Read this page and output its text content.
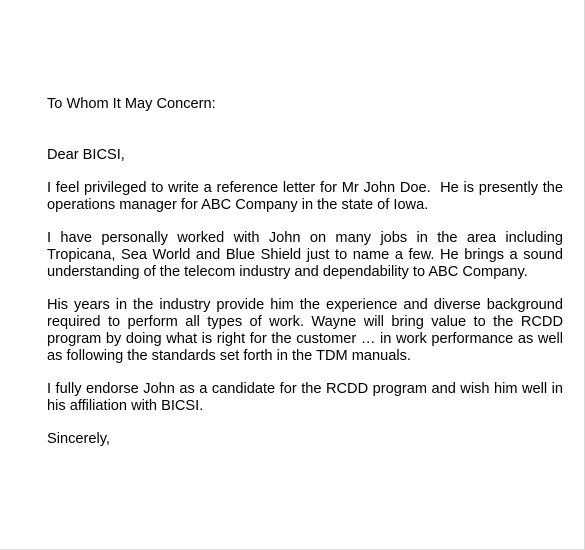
To Whom It May Concern:

Dear BICSI,

I feel privileged to write a reference letter for Mr John Doe.  He is presently the operations manager for ABC Company in the state of Iowa.

I have personally worked with John on many jobs in the area including Tropicana, Sea World and Blue Shield just to name a few. He brings a sound understanding of the telecom industry and dependability to ABC Company.

His years in the industry provide him the experience and diverse background required to perform all types of work. Wayne will bring value to the RCDD program by doing what is right for the customer … in work performance as well as following the standards set forth in the TDM manuals.

I fully endorse John as a candidate for the RCDD program and wish him well in his affiliation with BICSI.

Sincerely,
